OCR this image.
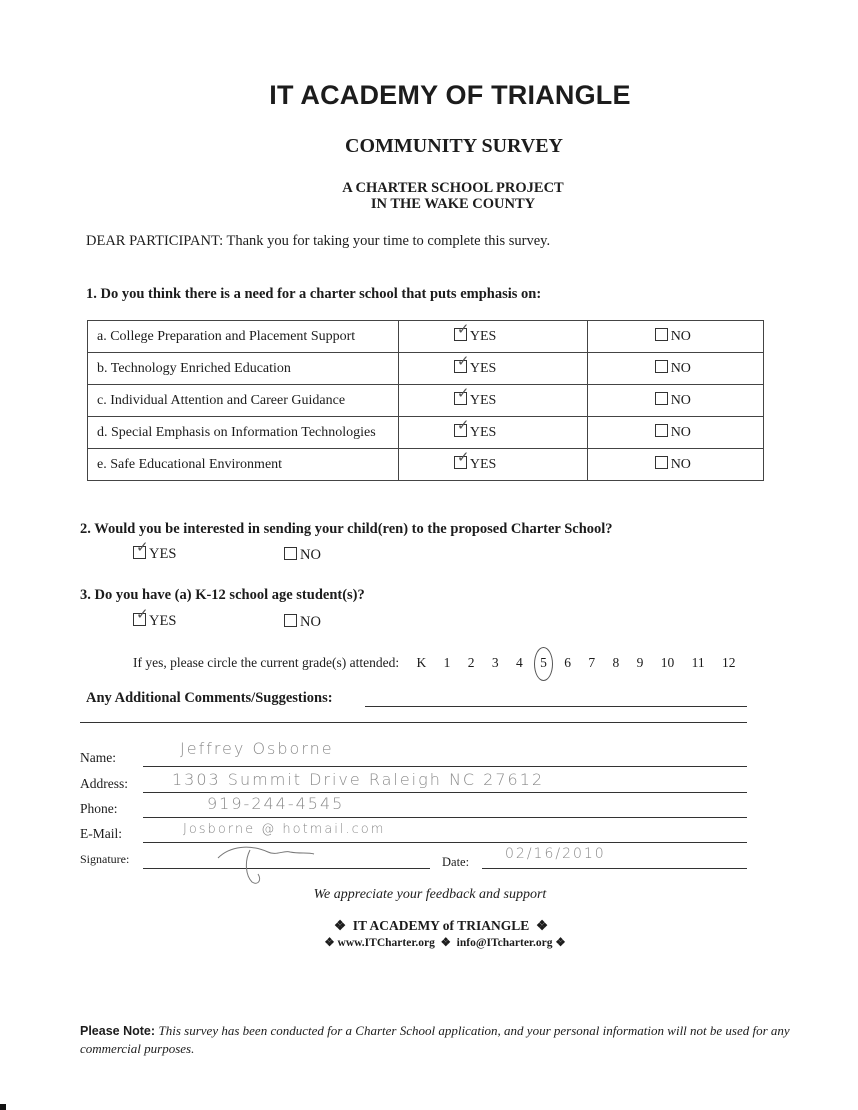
IT ACADEMY OF TRIANGLE
COMMUNITY SURVEY
A CHARTER SCHOOL PROJECT
IN THE WAKE COUNTY
DEAR PARTICIPANT: Thank you for taking your time to complete this survey.
1. Do you think there is a need for a charter school that puts emphasis on:
a. College Preparation and Placement Support	✓ YES	NO
b. Technology Enriched Education	✓ YES	NO
c. Individual Attention and Career Guidance	✓ YES	NO
d. Special Emphasis on Information Technologies	✓ YES	NO
e. Safe Educational Environment	✓ YES	NO
2. Would you be interested in sending your child(ren) to the proposed Charter School?
✓ YES	NO
3. Do you have (a) K-12 school age student(s)?
✓ YES	NO
If yes, please circle the current grade(s) attended: K 1 2 3 4 5 6 7 8 9 10 11 12
Any Additional Comments/Suggestions:
Name:	Jeffrey Osborne
Address:	1303 Summit Drive Raleigh NC 27612
Phone:	919-244-4545
E-Mail:	Josborne @ hotmail.com
Signature:	Date:	02/16/2010
We appreciate your feedback and support
❖ IT ACADEMY of TRIANGLE ❖
❖ www.ITCharter.org  ❖  info@ITcharter.org ❖
Please Note: This survey has been conducted for a Charter School application, and your personal information will not be used for any commercial purposes.
